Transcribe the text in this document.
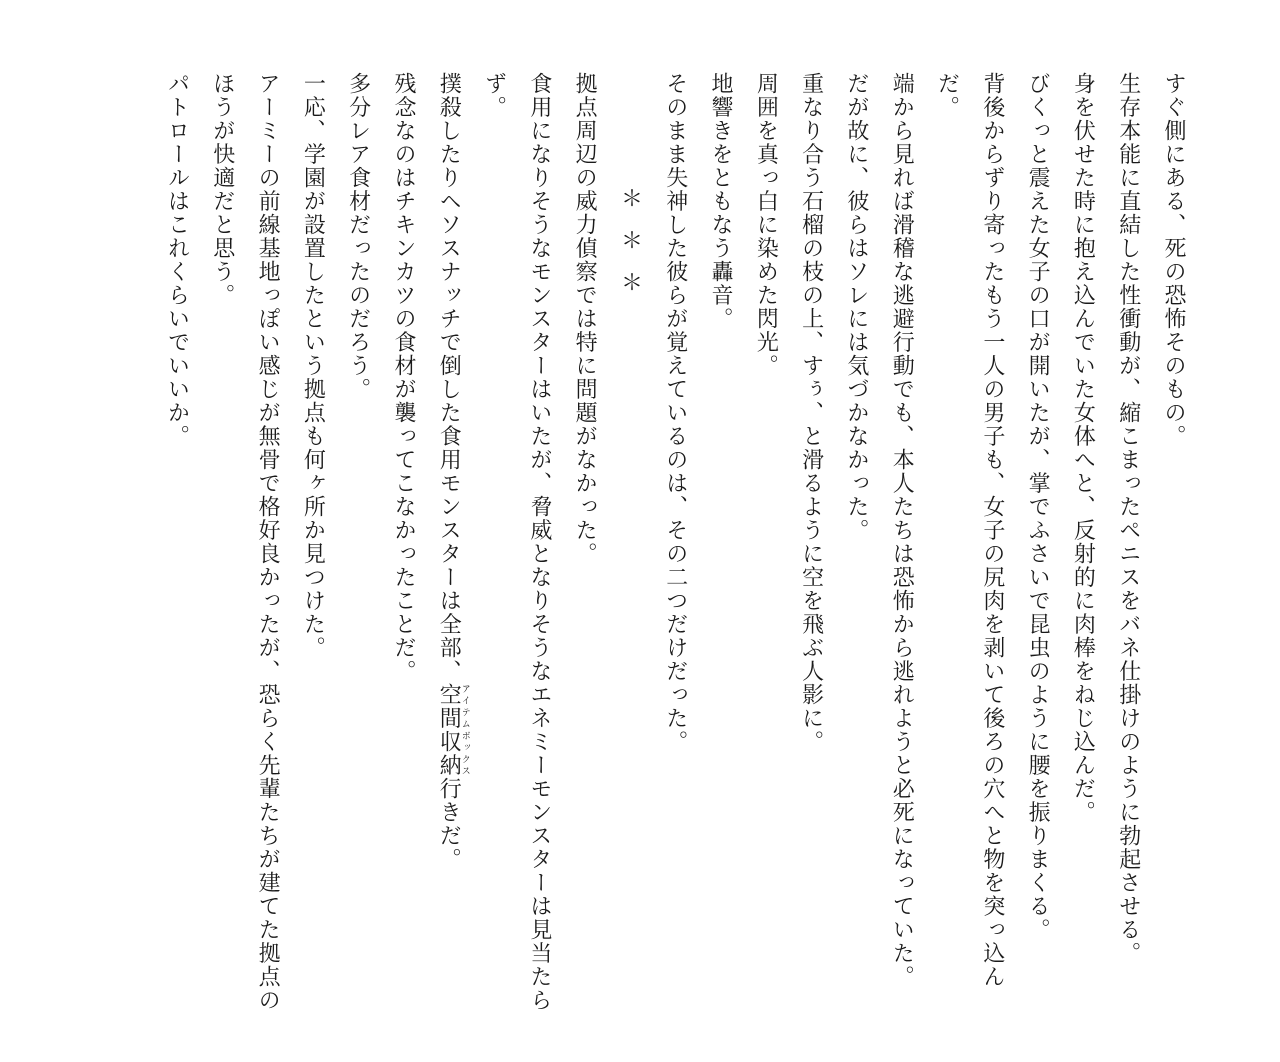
すぐ側にある、死の恐怖そのもの。
生存本能に直結した性衝動が、縮こまったペニスをバネ仕掛けのように勃起させる。
身を伏せた時に抱え込んでいた女体へと、反射的に肉棒をねじ込んだ。
びくっと震えた女子の口が開いたが、掌でふさいで昆虫のように腰を振りまくる。
背後からずり寄ったもう一人の男子も、女子の尻肉を剥いて後ろの穴へと物を突っ込んだ。
端から見れば滑稽な逃避行動でも、本人たちは恐怖から逃れようと必死になっていた。
だが故に、彼らはソレには気づかなかった。
重なり合う石榴の枝の上、すぅ、と滑るように空を飛ぶ人影に。
周囲を真っ白に染めた閃光。
地響きをともなう轟音。
そのまま失神した彼らが覚えているのは、その二つだけだった。
＊＊＊
拠点周辺の威力偵察では特に問題がなかった。
食用になりそうなモンスターはいたが、脅威となりそうなエネミーモンスターは見当たらず。
撲殺したりヘソスナッチで倒した食用モンスターは全部、空間収納アイテムボックス行きだ。
残念なのはチキンカツの食材が襲ってこなかったことだ。
多分レア食材だったのだろう。
一応、学園が設置したという拠点も何ヶ所か見つけた。
アーミーの前線基地っぽい感じが無骨で格好良かったが、恐らく先輩たちが建てた拠点のほうが快適だと思う。
パトロールはこれくらいでいいか。
